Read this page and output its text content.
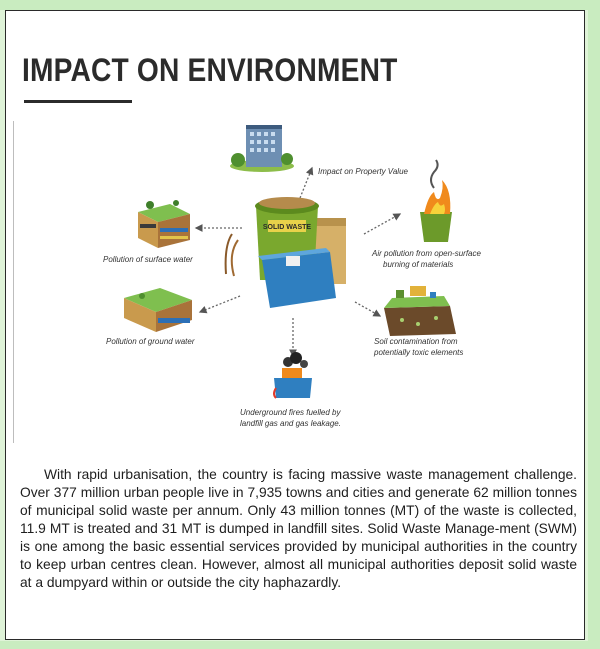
IMPACT ON ENVIRONMENT
SOLID WASTE
Impact on Property Value
Pollution of surface water
Air pollution from open-surface
burning of materials
Pollution of ground water	Soil contamination from
potentially toxic elements
Underground fires fuelled by
landfill gas and gas leakage.

With rapid urbanisation, the country is facing massive waste management challenge. Over 377 million urban people live in 7,935 towns and cities and generate 62 million tonnes of municipal solid waste per annum. Only 43 million tonnes (MT) of the waste is collected, 11.9 MT is treated and 31 MT is dumped in landfill sites. Solid Waste Manage-ment (SWM) is one among the basic essential services provided by municipal authorities in the country to keep urban centres clean. However, almost all municipal authorities deposit solid waste at a dumpyard within or outside the city haphazardly.
